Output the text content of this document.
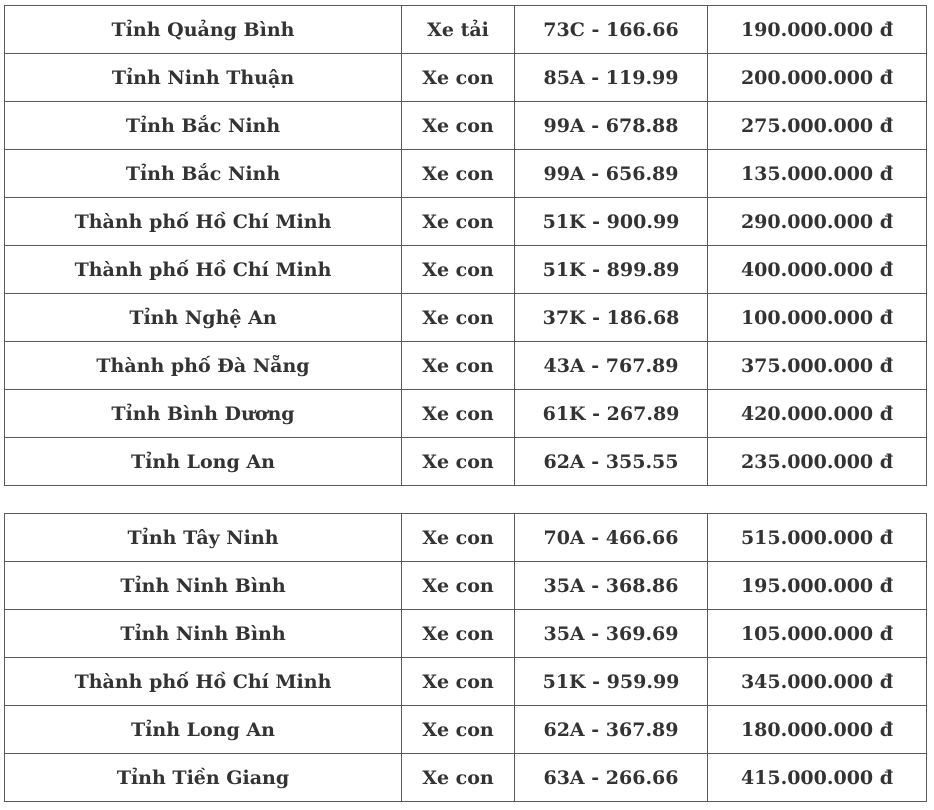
Tỉnh Quảng Bình	Xe tải	73C - 166.66	190.000.000 đ
Tỉnh Ninh Thuận	Xe con	85A - 119.99	200.000.000 đ
Tỉnh Bắc Ninh	Xe con	99A - 678.88	275.000.000 đ
Tỉnh Bắc Ninh	Xe con	99A - 656.89	135.000.000 đ
Thành phố Hồ Chí Minh	Xe con	51K - 900.99	290.000.000 đ
Thành phố Hồ Chí Minh	Xe con	51K - 899.89	400.000.000 đ
Tỉnh Nghệ An	Xe con	37K - 186.68	100.000.000 đ
Thành phố Đà Nẵng	Xe con	43A - 767.89	375.000.000 đ
Tỉnh Bình Dương	Xe con	61K - 267.89	420.000.000 đ
Tỉnh Long An	Xe con	62A - 355.55	235.000.000 đ
Tỉnh Tây Ninh	Xe con	70A - 466.66	515.000.000 đ
Tỉnh Ninh Bình	Xe con	35A - 368.86	195.000.000 đ
Tỉnh Ninh Bình	Xe con	35A - 369.69	105.000.000 đ
Thành phố Hồ Chí Minh	Xe con	51K - 959.99	345.000.000 đ
Tỉnh Long An	Xe con	62A - 367.89	180.000.000 đ
Tỉnh Tiền Giang	Xe con	63A - 266.66	415.000.000 đ
